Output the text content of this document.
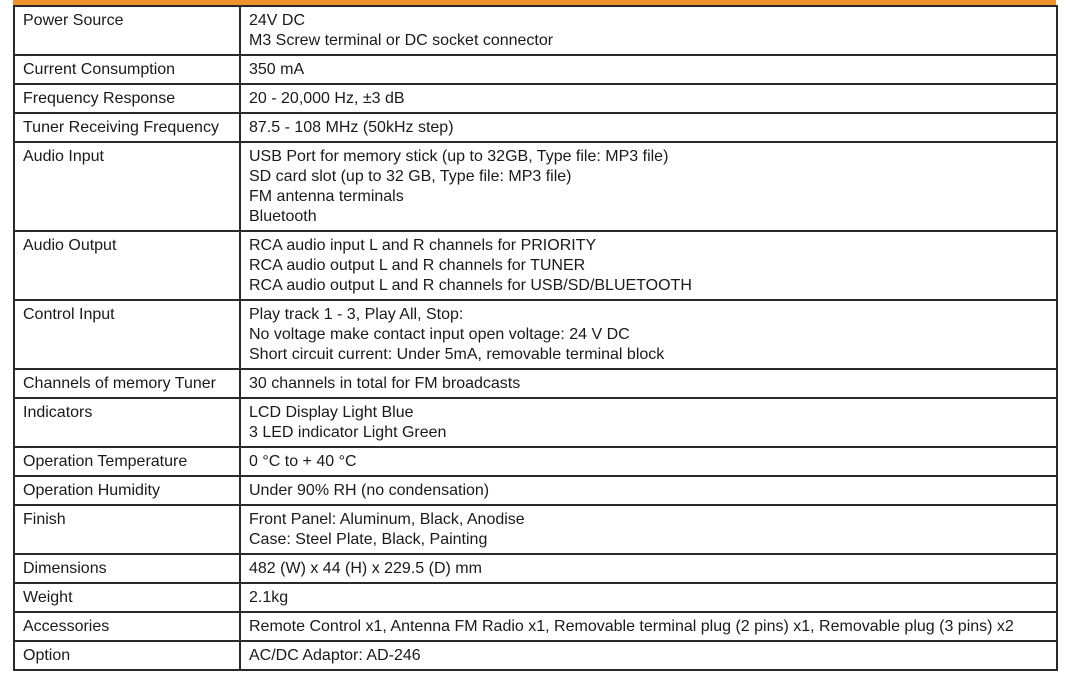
Power Source	24V DC
M3 Screw terminal or DC socket connector

Current Consumption	350 mA

Frequency Response	20 - 20,000 Hz, ±3 dB

Tuner Receiving Frequency	87.5 - 108 MHz (50kHz step)

Audio Input	USB Port for memory stick (up to 32GB, Type file: MP3 file)
SD card slot (up to 32 GB, Type file: MP3 file)
FM antenna terminals
Bluetooth

Audio Output	RCA audio input L and R channels for PRIORITY
RCA audio output L and R channels for TUNER
RCA audio output L and R channels for USB/SD/BLUETOOTH

Control Input	Play track 1 - 3, Play All, Stop:
No voltage make contact input open voltage: 24 V DC
Short circuit current: Under 5mA, removable terminal block

Channels of memory Tuner	30 channels in total for FM broadcasts

Indicators	LCD Display Light Blue
3 LED indicator Light Green

Operation Temperature	0 °C to + 40 °C

Operation Humidity	Under 90% RH (no condensation)

Finish	Front Panel: Aluminum, Black, Anodise
Case: Steel Plate, Black, Painting

Dimensions	482 (W) x 44 (H) x 229.5 (D) mm

Weight	2.1kg

Accessories	Remote Control x1, Antenna FM Radio x1, Removable terminal plug (2 pins) x1, Removable plug (3 pins) x2

Option	AC/DC Adaptor: AD-246
